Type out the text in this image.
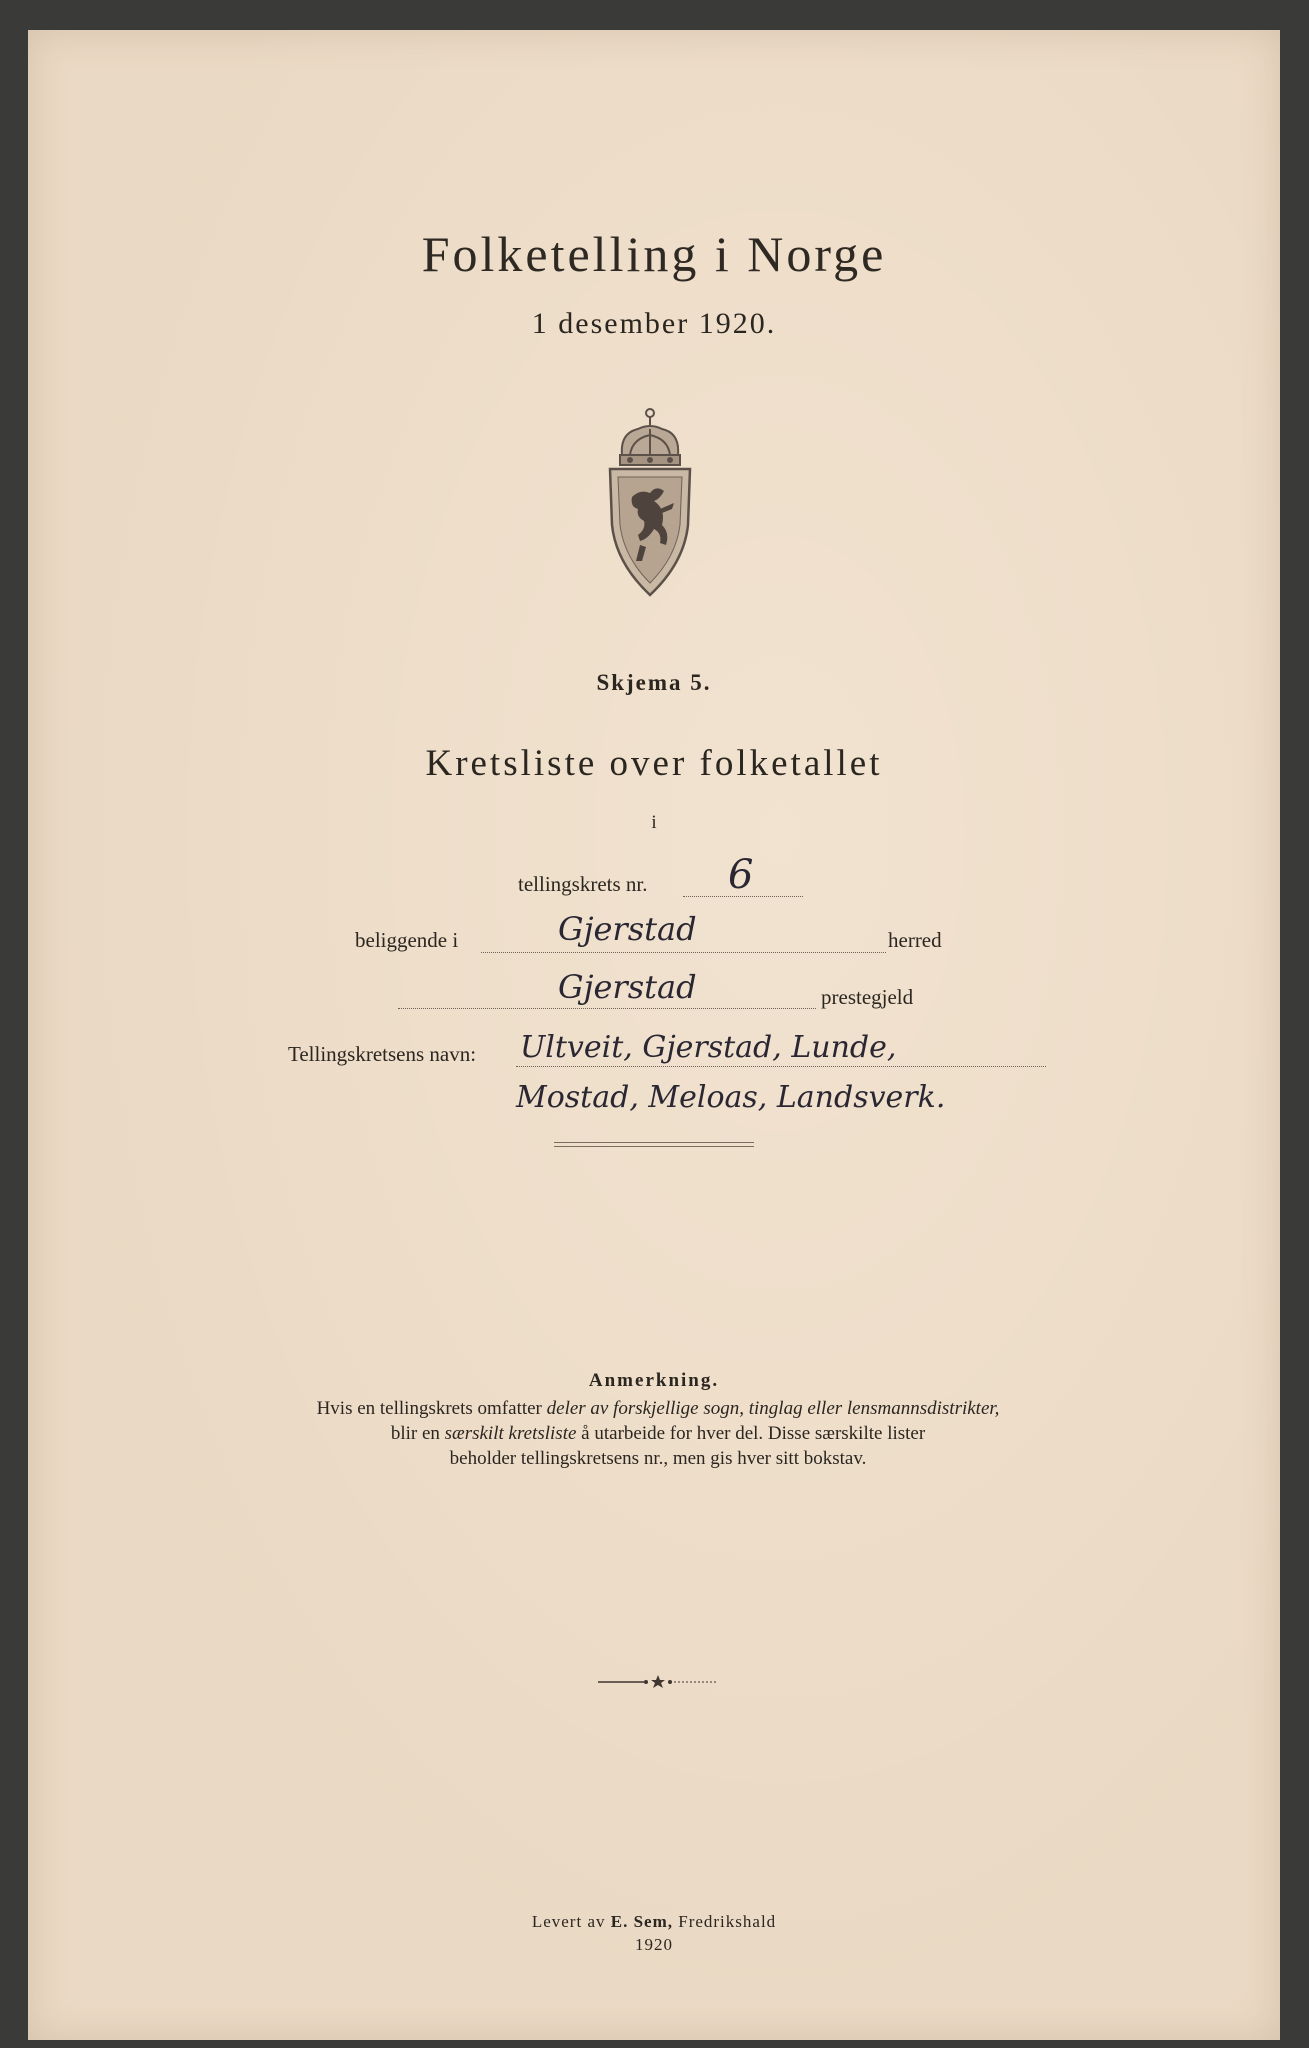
Folketelling i Norge
1 desember 1920.
Skjema 5.
Kretsliste over folketallet
i
tellingskrets nr. 6
beliggende i	Gjerstad	herred
Gjerstad	prestegjeld
Tellingskretsens navn: Ultveit, Gjerstad, Lunde,
Mostad, Meloas, Landsverk.
Anmerkning.
Hvis en tellingskrets omfatter deler av forskjellige sogn, tinglag eller lensmannsdistrikter,
blir en særskilt kretsliste å utarbeide for hver del. Disse særskilte lister
beholder tellingskretsens nr., men gis hver sitt bokstav.
Levert av E. Sem, Fredrikshald
1920
